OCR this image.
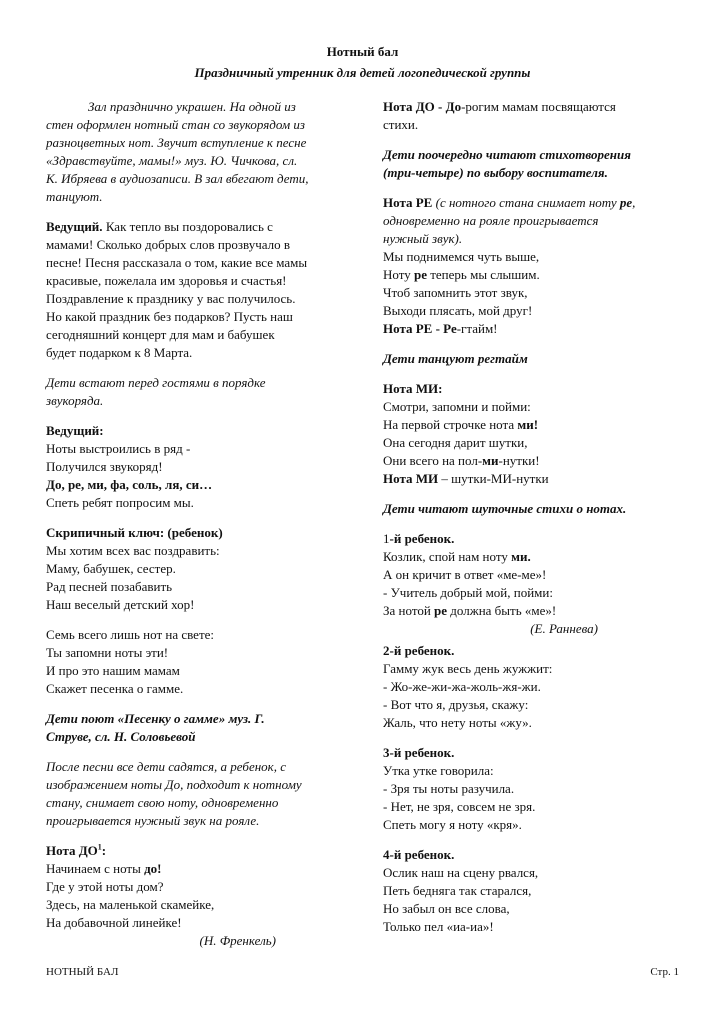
Нотный бал
Праздничный утренник для детей логопедической группы
Зал празднично украшен. На одной из
стен оформлен нотный стан со звукорядом из
разноцветных нот. Звучит вступление к песне
«Здравствуйте, мамы!» муз. Ю. Чичкова, сл.
К. Ибряева в аудиозаписи. В зал вбегают дети,
танцуют.
Ведущий. Как тепло вы поздоровались с
мамами! Сколько добрых слов прозвучало в
песне! Песня рассказала о том, какие все мамы
красивые, пожелала им здоровья и счастья!
Поздравление к празднику у вас получилось.
Но какой праздник без подарков? Пусть наш
сегодняшний концерт для мам и бабушек
будет подарком к 8 Марта.
Дети встают перед гостями в порядке
звукоряда.
Ведущий:
Ноты выстроились в ряд -
Получился звукоряд!
До, ре, ми, фа, соль, ля, си…
Спеть ребят попросим мы.
Скрипичный ключ: (ребенок)
Мы хотим всех вас поздравить:
Маму, бабушек, сестер.
Рад песней позабавить
Наш веселый детский хор!
Семь всего лишь нот на свете:
Ты запомни ноты эти!
И про это нашим мамам
Скажет песенка о гамме.
Дети поют «Песенку о гамме» муз. Г.
Струве, сл. Н. Соловьевой
После песни все дети садятся, а ребенок, с
изображением ноты До, подходит к нотному
стану, снимает свою ноту, одновременно
проигрывается нужный звук на рояле.
Нота $ДО^1$:
Начинаем с ноты до!
Где у этой ноты дом?
Здесь, на маленькой скамейке,
На добавочной линейке!
(Н. Френкель)
Нота ДО - До-рогим мамам посвящаются
стихи.
Дети поочередно читают стихотворения
(три-четыре) по выбору воспитателя.
Нота РЕ (с нотного стана снимает ноту ре,
одновременно на рояле проигрывается
нужный звук).
Мы поднимемся чуть выше,
Ноту ре теперь мы слышим.
Чтоб запомнить этот звук,
Выходи плясать, мой друг!
Нота РЕ - Ре-гтайм!
Дети танцуют регтайм
Нота МИ:
Смотри, запомни и пойми:
На первой строчке нота ми!
Она сегодня дарит шутки,
Они всего на пол-ми-нутки!
Нота МИ – шутки-МИ-нутки
Дети читают шуточные стихи о нотах.
1-й ребенок.
Козлик, спой нам ноту ми.
А он кричит в ответ «ме-ме»!
- Учитель добрый мой, пойми:
За нотой ре должна быть «ме»!
(Е. Раннева)
2-й ребенок.
Гамму жук весь день жужжит:
- Жо-же-жи-жа-жоль-жя-жи.
- Вот что я, друзья, скажу:
Жаль, что нету ноты «жу».
3-й ребенок.
Утка утке говорила:
- Зря ты ноты разучила.
- Нет, не зря, совсем не зря.
Спеть могу я ноту «кря».
4-й ребенок.
Ослик наш на сцену рвался,
Петь бедняга так старался,
Но забыл он все слова,
Только пел «иа-иа»!
НОТНЫЙ БАЛ	Стр. 1
